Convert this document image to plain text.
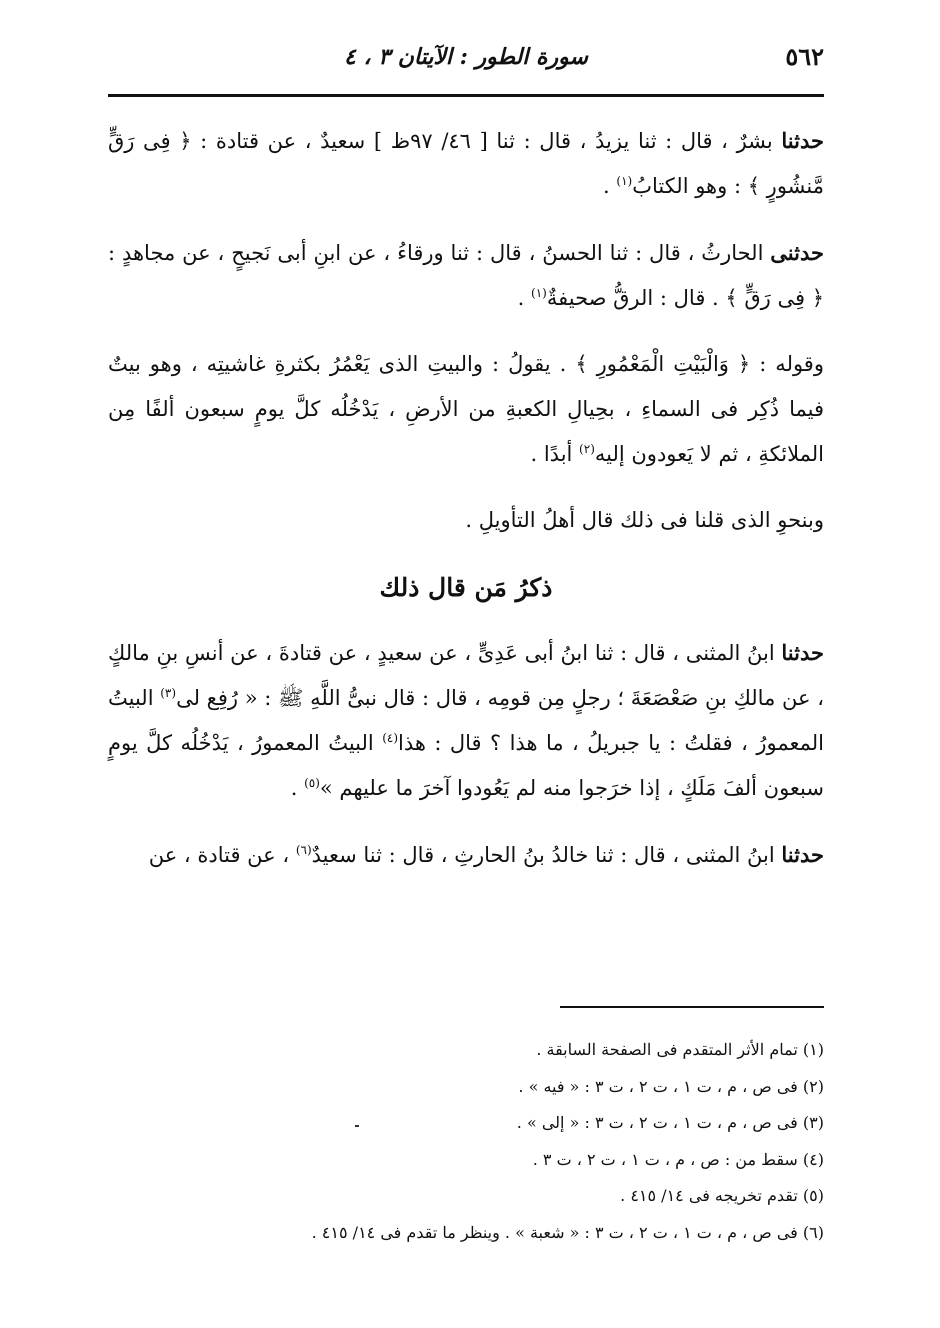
٥٦٢
سورة الطور : الآيتان ٣ ، ٤

حدثنا بشرٌ ، قال : ثنا يزيدُ ، قال : ثنا [ ٤٦/ ٩٧ظ ] سعيدٌ ، عن قتادة : ﴿ فِى رَقٍّ مَّنشُورٍ ﴾ : وهو الكتابُ$^{(١)}$ .

حدثنى الحارثُ ، قال : ثنا الحسنُ ، قال : ثنا ورقاءُ ، عن ابنِ أبى نَجيحٍ ، عن مجاهدٍ : ﴿ فِى رَقٍّ ﴾ . قال : الرقُّ صحيفةٌ$^{(١)}$ .

وقوله : ﴿ وَالْبَيْتِ الْمَعْمُورِ ﴾ . يقولُ : والبيتِ الذى يَعْمُرُ بكثرةِ غاشيتِه ، وهو بيتٌ فيما ذُكِر فى السماءِ ، بحِيالِ الكعبةِ من الأرضِ ، يَدْخُلُه كلَّ يومٍ سبعون ألفًا مِن الملائكةِ ، ثم لا يَعودون إليه$^{(٢)}$ أبدًا .

وبنحوِ الذى قلنا فى ذلك قال أهلُ التأويلِ .

ذكرُ مَن قال ذلك

حدثنا ابنُ المثنى ، قال : ثنا ابنُ أبى عَدِىٍّ ، عن سعيدٍ ، عن قتادةَ ، عن أنسِ بنِ مالكٍ ، عن مالكِ بنِ صَعْصَعَةَ ؛ رجلٍ مِن قومِه ، قال : قال نبىُّ اللَّهِ ﷺ : « رُفِع لى$^{(٣)}$ البيتُ المعمورُ ، فقلتُ : يا جبريلُ ، ما هذا ؟ قال : هذا$^{(٤)}$ البيتُ المعمورُ ، يَدْخُلُه كلَّ يومٍ سبعون ألفَ مَلَكٍ ، إذا خرَجوا منه لم يَعُودوا آخرَ ما عليهم »$^{(٥)}$ .

حدثنا ابنُ المثنى ، قال : ثنا خالدُ بنُ الحارثِ ، قال : ثنا سعيدٌ$^{(٦)}$ ، عن قتادة ، عن

(١) تمام الأثر المتقدم فى الصفحة السابقة .

(٢) فى ص ، م ، ت ١ ، ت ٢ ، ت ٣ : « فيه » .

(٣) فى ص ، م ، ت ١ ، ت ٢ ، ت ٣ : « إلى » .

(٤) سقط من : ص ، م ، ت ١ ، ت ٢ ، ت ٣ .

(٥) تقدم تخريجه فى ١٤/ ٤١٥ .

(٦) فى ص ، م ، ت ١ ، ت ٢ ، ت ٣ : « شعبة » . وينظر ما تقدم فى ١٤/ ٤١٥ .
